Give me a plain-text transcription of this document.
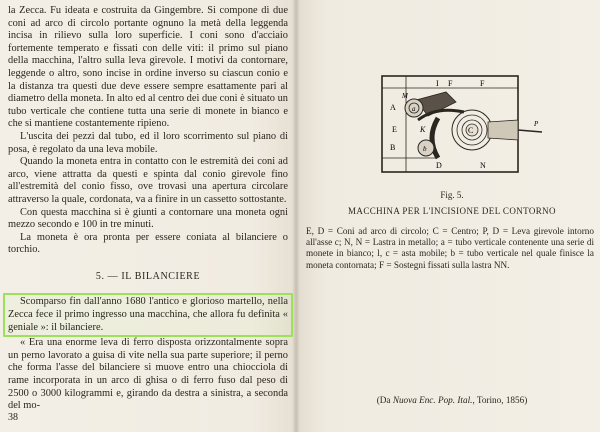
la Zecca. Fu ideata e costruita da Gingembre. Si compone di due coni ad arco di circolo portante ognuno la metà della leggenda incisa in rilievo sulla loro superficie. I coni sono d'acciaio fortemente temperato e fissati con delle viti: il primo sul piano della macchina, l'altro sulla leva girevole. I motivi da contornare, leggende o altro, sono incise in ordine inverso su ciascun conio e la distanza tra questi due deve essere sempre esattamente pari al diametro della moneta. In alto ed al centro dei due coni è situato un tubo verticale che contiene tutta una serie di monete in bianco e che si mantiene costantemente ripieno.

L'uscita dei pezzi dal tubo, ed il loro scorrimento sul piano di posa, è regolato da una leva mobile.

Quando la moneta entra in contatto con le estremità dei coni ad arco, viene attratta da questi e spinta dal conio girevole fino all'estremità del conio fisso, ove trovasi una apertura circolare attraverso la quale, cordonata, va a finire in un cassetto sottostante.

Con questa macchina si è giunti a contornare una moneta ogni mezzo secondo e 100 in tre minuti.

La moneta è ora pronta per essere coniata al bilanciere o torchio.

5. — IL BILANCIERE

Scomparso fin dall'anno 1680 l'antico e glorioso martello, nella Zecca fece il primo ingresso una macchina, che allora fu definita « geniale »: il bilanciere.

« Era una enorme leva di ferro disposta orizzontalmente sopra un perno lavorato a guisa di vite nella sua parte superiore; il perno che forma l'asse del bilanciere si muove entro una chiocciola di rame incorporata in un arco di ghisa o di ferro fuso dal peso di 2500 o 3000 kilogrammi e, girando da destra a sinistra, a seconda del mo-

38
M
a
A
I F	F
E	K	C
D
B	b
N
P
Fig. 5.
MACCHINA PER L'INCISIONE DEL CONTORNO
E, D = Coni ad arco di circolo; C = Centro; P, D = Leva girevole intorno all'asse c; N, N = Lastra in metallo; a = tubo verticale contenente una serie di monete in bianco; l, c = asta mobile; b = tubo verticale nel quale finisce la moneta contornata; F = Sostegni fissati sulla lastra NN.
(Da Nuova Enc. Pop. Ital., Torino, 1856)
